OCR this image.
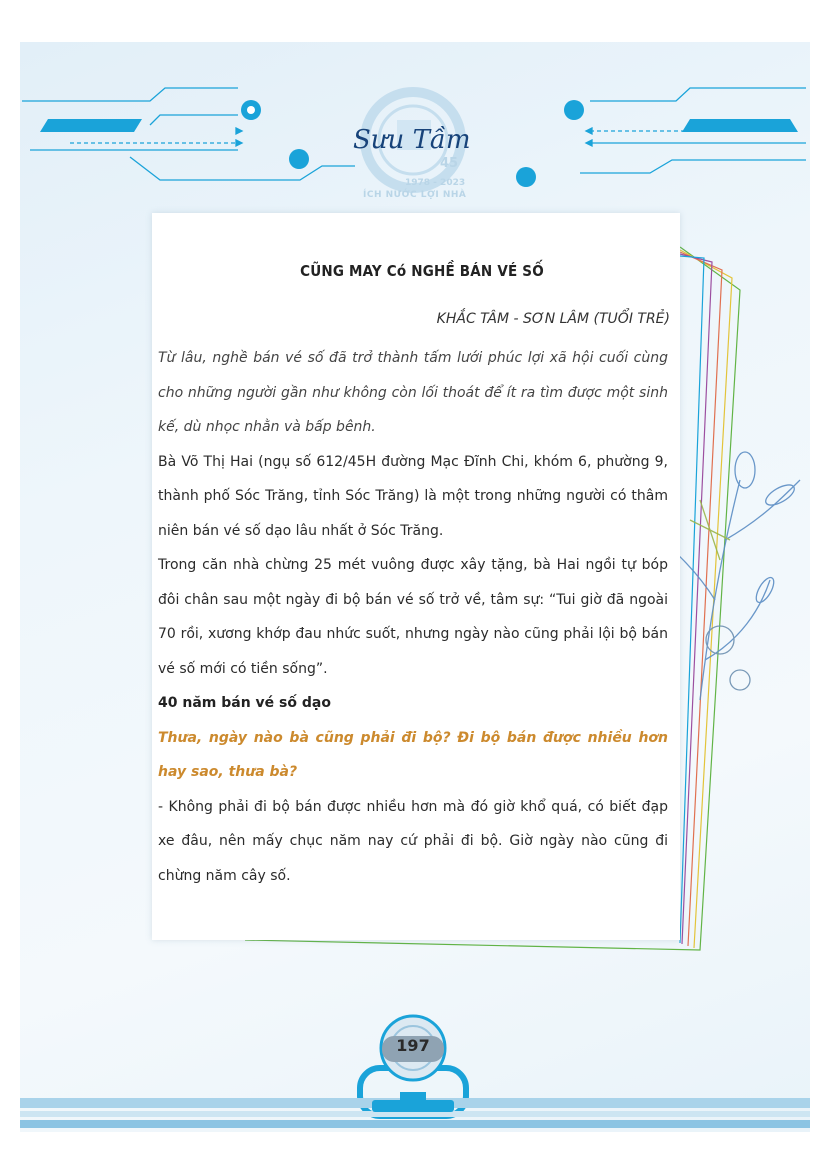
Sưu Tầm
45
1978 - 2023
ÍCH NƯỚC LỢI NHÀ
CŨNG MAY Có NGHỀ BÁN VÉ SỐ
KHẮC TÂM - SƠN LÂM (TUỔI TRẺ)

Từ lâu, nghề bán vé số đã trở thành tấm lưới phúc lợi xã hội cuối cùng cho những người gần như không còn lối thoát để ít ra tìm được một sinh kế, dù nhọc nhằn và bấp bênh.

Bà Võ Thị Hai (ngụ số 612/45H đường Mạc Đĩnh Chi, khóm 6, phường 9, thành phố Sóc Trăng, tỉnh Sóc Trăng) là một trong những người có thâm niên bán vé số dạo lâu nhất ở Sóc Trăng.

Trong căn nhà chừng 25 mét vuông được xây tặng, bà Hai ngồi tự bóp đôi chân sau một ngày đi bộ bán vé số trở về, tâm sự: “Tui giờ đã ngoài 70 rồi, xương khớp đau nhức suốt, nhưng ngày nào cũng phải lội bộ bán vé số mới có tiền sống”.

40 năm bán vé số dạo

Thưa, ngày nào bà cũng phải đi bộ? Đi bộ bán được nhiều hơn hay sao, thưa bà?

- Không phải đi bộ bán được nhiều hơn mà đó giờ khổ quá, có biết đạp xe đâu, nên mấy chục năm nay cứ phải đi bộ. Giờ ngày nào cũng đi chừng năm cây số.

197
